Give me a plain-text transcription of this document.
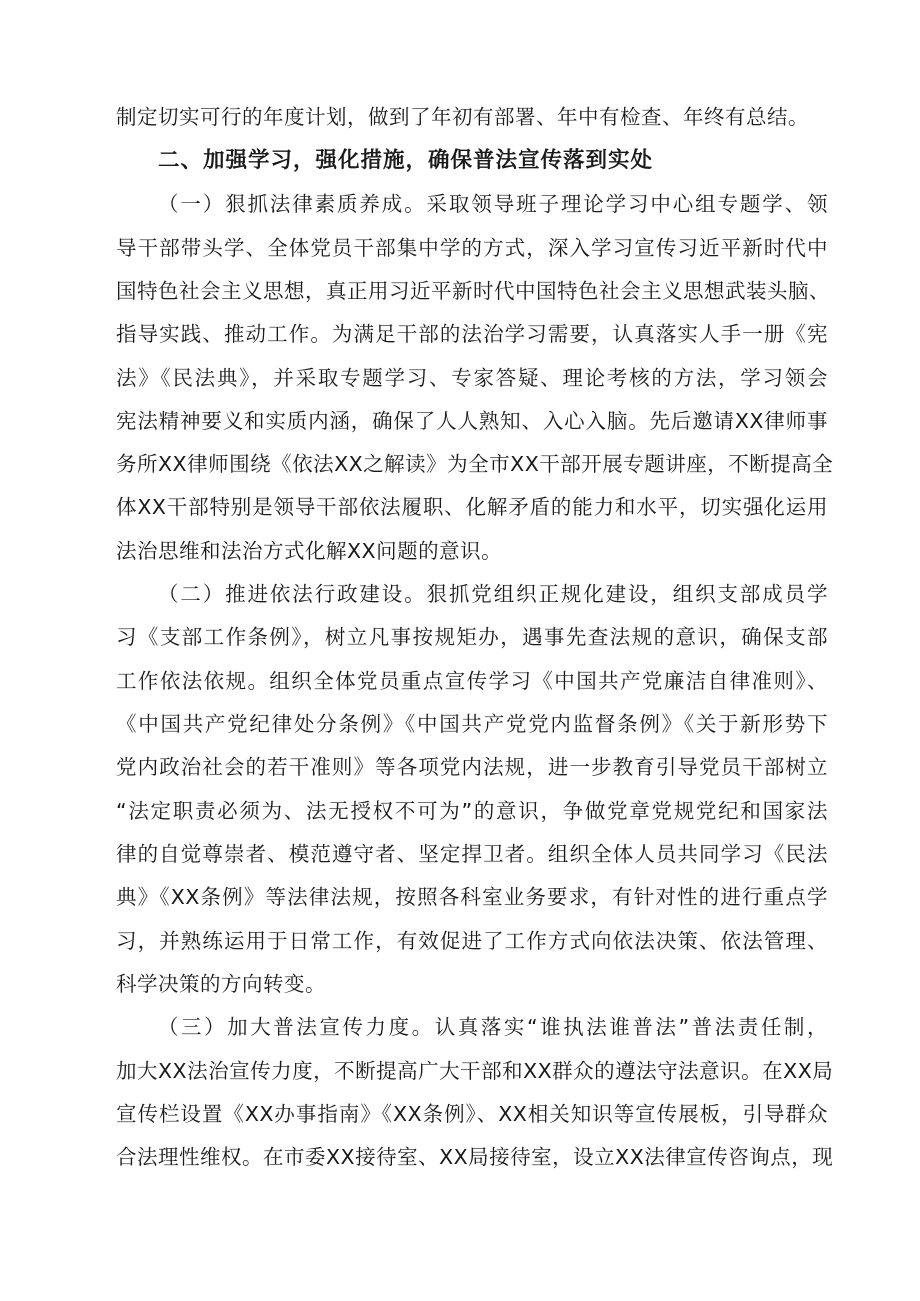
制定切实可行的年度计划，做到了年初有部署、年中有检查、年终有总结。
二、加强学习，强化措施，确保普法宣传落到实处
（一）狠抓法律素质养成。采取领导班子理论学习中心组专题学、领
导干部带头学、全体党员干部集中学的方式，深入学习宣传习近平新时代中
国特色社会主义思想，真正用习近平新时代中国特色社会主义思想武装头脑、
指导实践、推动工作。为满足干部的法治学习需要，认真落实人手一册《宪
法》《民法典》，并采取专题学习、专家答疑、理论考核的方法，学习领会
宪法精神要义和实质内涵，确保了人人熟知、入心入脑。先后邀请XX律师事
务所XX律师围绕《依法XX之解读》为全市XX干部开展专题讲座，不断提高全
体XX干部特别是领导干部依法履职、化解矛盾的能力和水平，切实强化运用
法治思维和法治方式化解XX问题的意识。
（二）推进依法行政建设。狠抓党组织正规化建设，组织支部成员学
习《支部工作条例》，树立凡事按规矩办，遇事先查法规的意识，确保支部
工作依法依规。组织全体党员重点宣传学习《中国共产党廉洁自律准则》、
《中国共产党纪律处分条例》《中国共产党党内监督条例》《关于新形势下
党内政治社会的若干准则》等各项党内法规，进一步教育引导党员干部树立
“法定职责必须为、法无授权不可为”的意识，争做党章党规党纪和国家法
律的自觉尊崇者、模范遵守者、坚定捍卫者。组织全体人员共同学习《民法
典》《XX条例》等法律法规，按照各科室业务要求，有针对性的进行重点学
习，并熟练运用于日常工作，有效促进了工作方式向依法决策、依法管理、
科学决策的方向转变。
（三）加大普法宣传力度。认真落实“谁执法谁普法”普法责任制，
加大XX法治宣传力度，不断提高广大干部和XX群众的遵法守法意识。在XX局
宣传栏设置《XX办事指南》《XX条例》、XX相关知识等宣传展板，引导群众
合法理性维权。在市委XX接待室、XX局接待室，设立XX法律宣传咨询点，现
